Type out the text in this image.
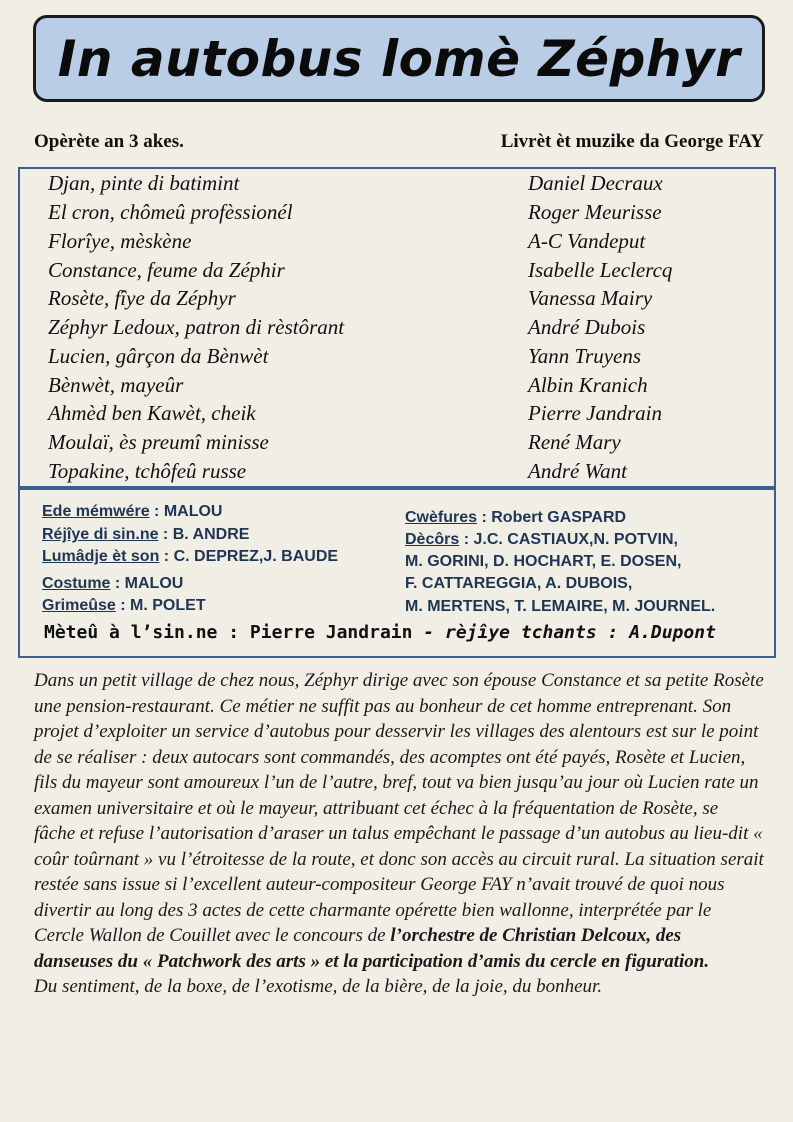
In autobus lomè Zéphyr
Opèrète an 3 akes.	Livrèt èt muzike da George FAY
Djan, pinte di batimint	Daniel Decraux
El cron, chômeû profèssionél	Roger Meurisse
Florîye, mèskène	A-C Vandeput
Constance, feume da Zéphir	Isabelle Leclercq
Rosète, fîye da Zéphyr	Vanessa Mairy
Zéphyr Ledoux, patron di rèstôrant	André Dubois
Lucien, gârçon da Bènwèt	Yann Truyens
Bènwèt, mayeûr	Albin Kranich
Ahmèd ben Kawèt, cheik	Pierre Jandrain
Moulaï, ès preumî minisse	René Mary
Topakine, tchôfeû russe	André Want
Ede mémwére : MALOU
Réjîye di sin.ne : B. ANDRE
Lumâdje èt son : C. DEPREZ,J. BAUDE
Costume : MALOU
Grimeûse : M. POLET
Cwèfures : Robert GASPARD
Dècôrs : J.C. CASTIAUX,N. POTVIN,
M. GORINI, D. HOCHART, E. DOSEN,
F. CATTAREGGIA, A. DUBOIS,
M. MERTENS, T. LEMAIRE, M. JOURNEL.
Mèteû à l’sin.ne : Pierre Jandrain - rèjîye tchants : A.Dupont
Dans un petit village de chez nous, Zéphyr dirige avec son épouse Constance et sa petite Rosète une pension-restaurant. Ce métier ne suffit pas au bonheur de cet homme entreprenant. Son projet d’exploiter un service d’autobus pour desservir les villages des alentours est sur le point de se réaliser : deux autocars sont commandés, des acomptes ont été payés, Rosète et Lucien, fils du mayeur sont amoureux l’un de l’autre, bref, tout va bien jusqu’au jour où Lucien rate un examen universitaire et où le mayeur, attribuant cet échec à la fréquentation de Rosète, se fâche et refuse l’autorisation d’araser un talus empêchant le passage d’un autobus au lieu-dit « coûr toûrnant » vu l’étroitesse de la route, et donc son accès au circuit rural. La situation serait restée sans issue si l’excellent auteur-compositeur George FAY n’avait trouvé de quoi nous divertir au long des 3 actes de cette charmante opérette bien wallonne, interprétée par le Cercle Wallon de Couillet avec le concours de l’orchestre de Christian Delcoux, des danseuses du « Patchwork des arts » et la participation d’amis du cercle en figuration.
Du sentiment, de la boxe, de l’exotisme, de la bière, de la joie, du bonheur.
